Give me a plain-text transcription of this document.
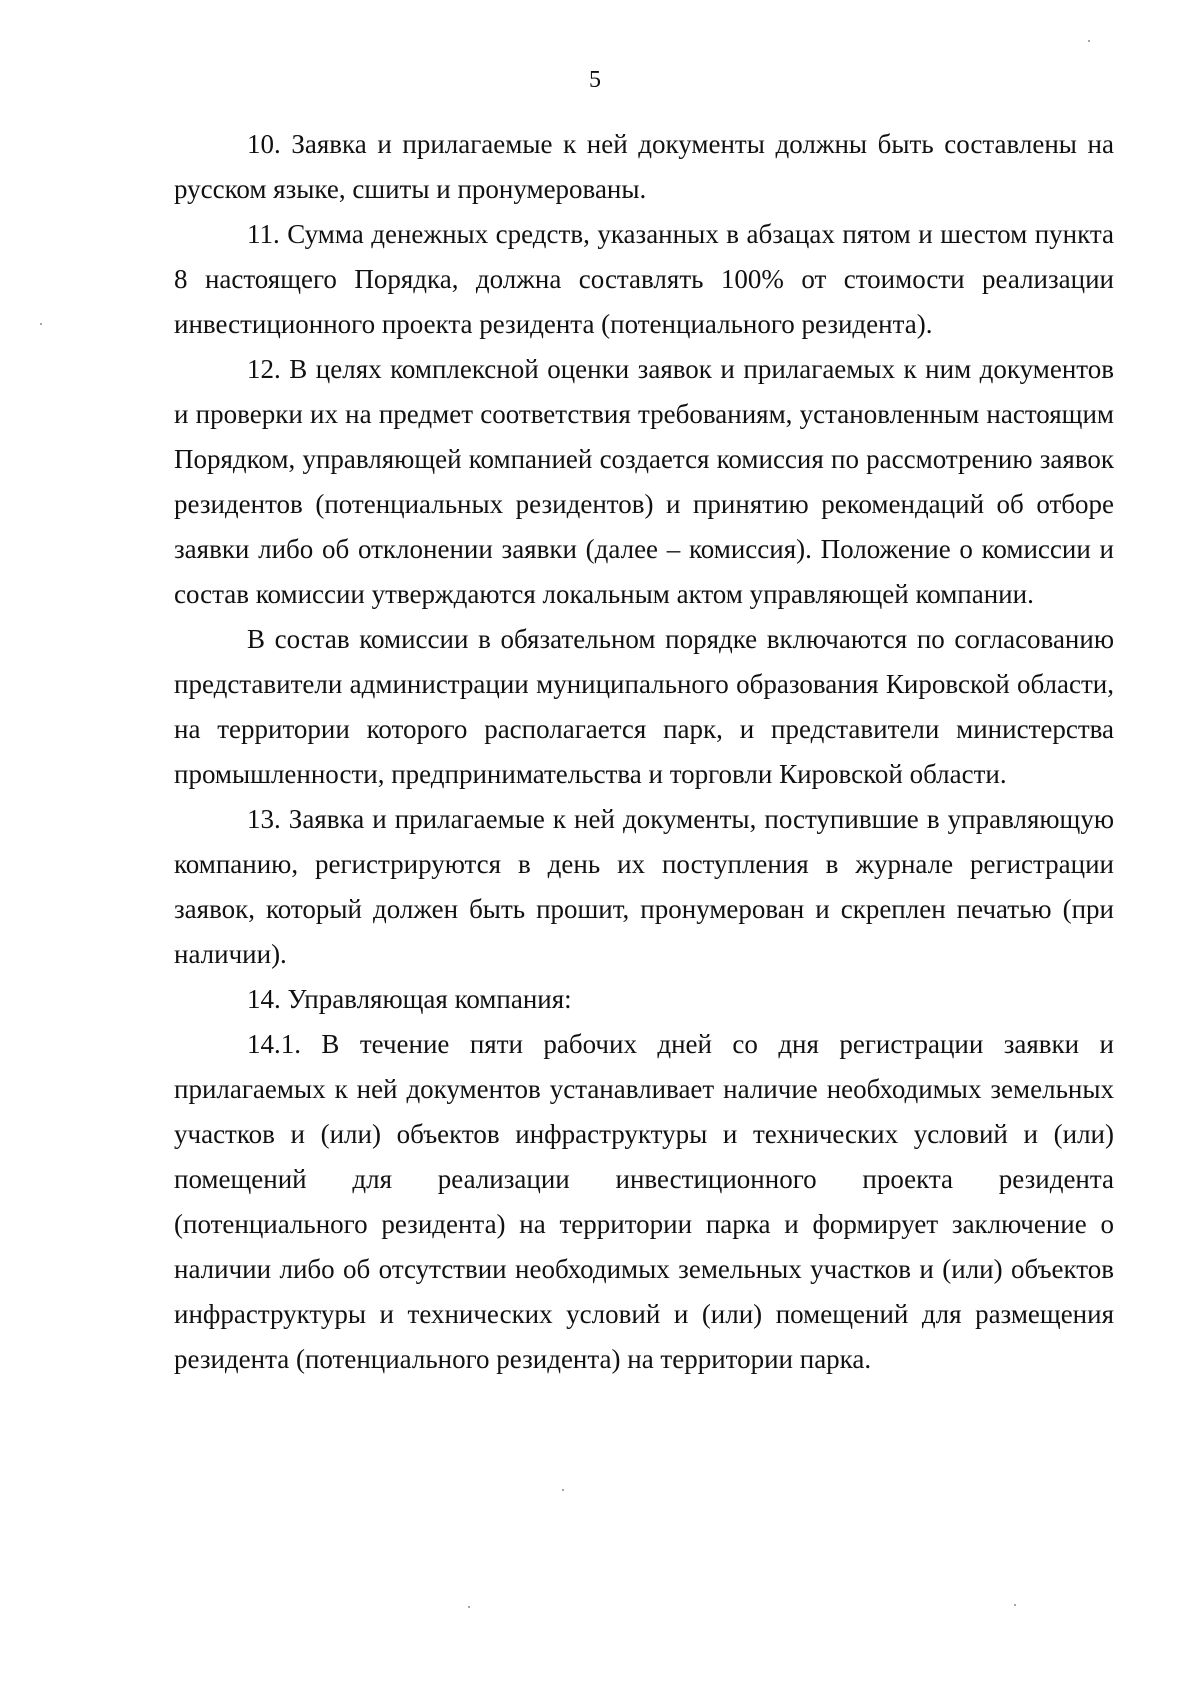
5

10. Заявка и прилагаемые к ней документы должны быть составлены на русском языке, сшиты и пронумерованы.

11. Сумма денежных средств, указанных в абзацах пятом и шестом пункта 8 настоящего Порядка, должна составлять 100% от стоимости реализации инвестиционного проекта резидента (потенциального резидента).

12. В целях комплексной оценки заявок и прилагаемых к ним документов и проверки их на предмет соответствия требованиям, установленным настоящим Порядком, управляющей компанией создается комиссия по рассмотрению заявок резидентов (потенциальных резидентов) и принятию рекомендаций об отборе заявки либо об отклонении заявки (далее – комиссия). Положение о комиссии и состав комиссии утверждаются локальным актом управляющей компании.

В состав комиссии в обязательном порядке включаются по согласованию представители администрации муниципального образования Кировской области, на территории которого располагается парк, и представители министерства промышленности, предпринимательства и торговли Кировской области.

13. Заявка и прилагаемые к ней документы, поступившие в управляющую компанию, регистрируются в день их поступления в журнале регистрации заявок, который должен быть прошит, пронумерован и скреплен печатью (при наличии).

14. Управляющая компания:

14.1. В течение пяти рабочих дней со дня регистрации заявки и прилагаемых к ней документов устанавливает наличие необходимых земельных участков и (или) объектов инфраструктуры и технических условий и (или) помещений для реализации инвестиционного проекта резидента (потенциального резидента) на территории парка и формирует заключение о наличии либо об отсутствии необходимых земельных участков и (или) объектов инфраструктуры и технических условий и (или) помещений для размещения резидента (потенциального резидента) на территории парка.
